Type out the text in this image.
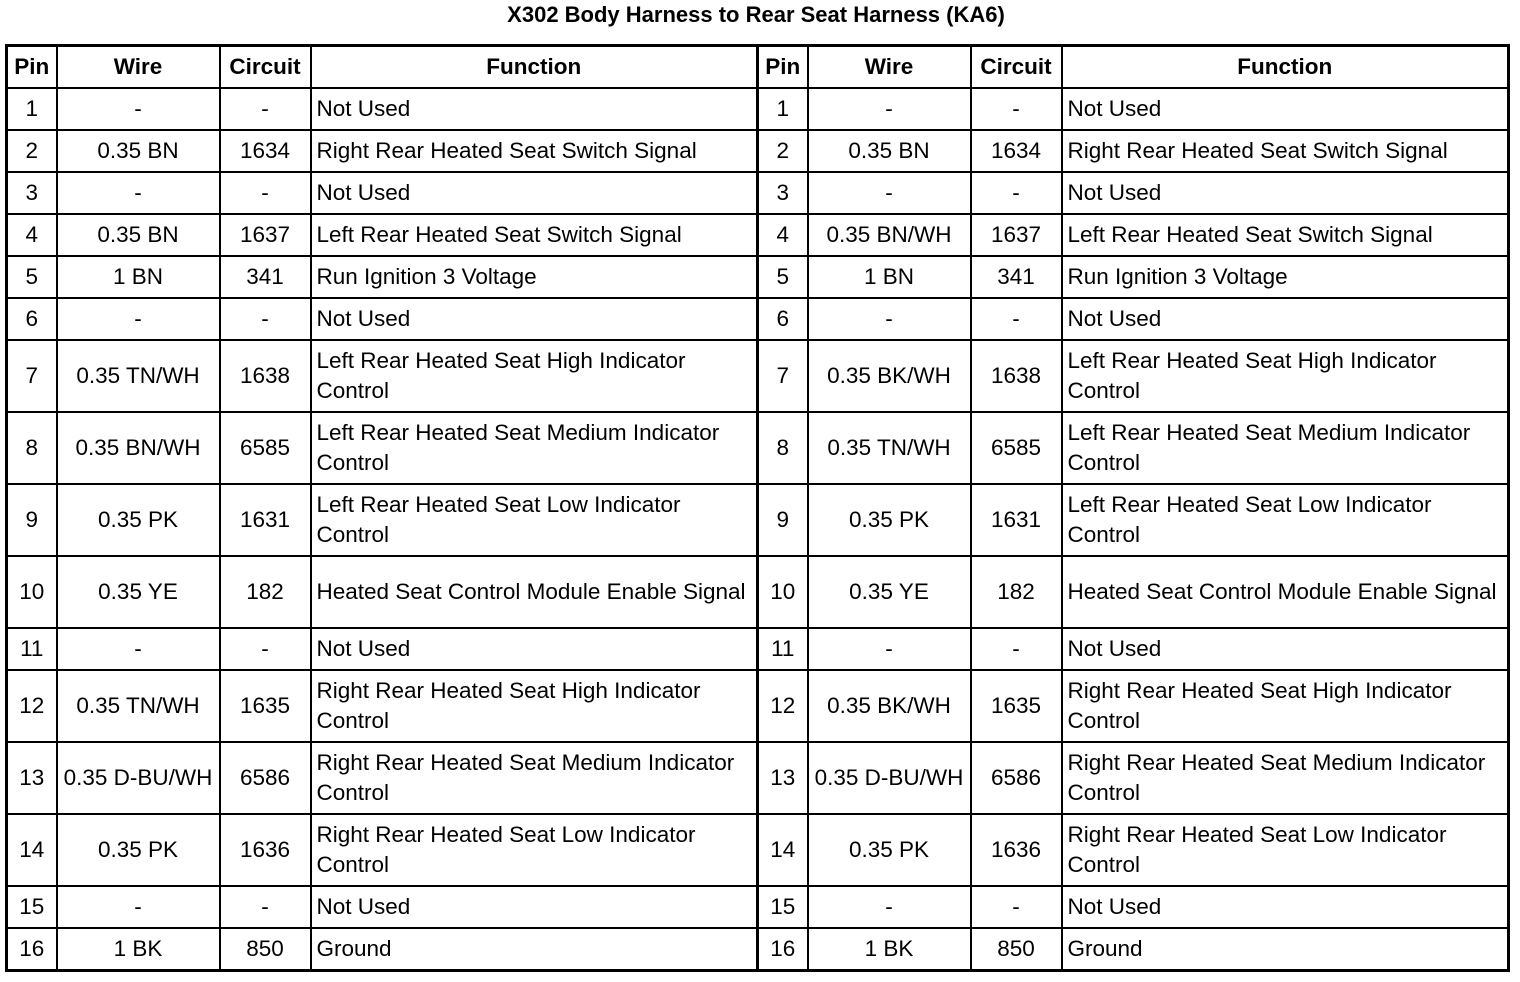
X302 Body Harness to Rear Seat Harness (KA6)
Pin	Wire	Circuit	Function	Pin	Wire	Circuit	Function
1	-	-	Not Used	1	-	-	Not Used
2	0.35 BN	1634	Right Rear Heated Seat Switch Signal	2	0.35 BN	1634	Right Rear Heated Seat Switch Signal
3	-	-	Not Used	3	-	-	Not Used
4	0.35 BN	1637	Left Rear Heated Seat Switch Signal	4	0.35 BN/WH	1637	Left Rear Heated Seat Switch Signal
5	1 BN	341	Run Ignition 3 Voltage	5	1 BN	341	Run Ignition 3 Voltage
6	-	-	Not Used	6	-	-	Not Used
7	0.35 TN/WH	1638	Left Rear Heated Seat High Indicator Control	7	0.35 BK/WH	1638	Left Rear Heated Seat High Indicator Control
8	0.35 BN/WH	6585	Left Rear Heated Seat Medium Indicator Control	8	0.35 TN/WH	6585	Left Rear Heated Seat Medium Indicator Control
9	0.35 PK	1631	Left Rear Heated Seat Low Indicator Control	9	0.35 PK	1631	Left Rear Heated Seat Low Indicator Control
10	0.35 YE	182	Heated Seat Control Module Enable Signal	10	0.35 YE	182	Heated Seat Control Module Enable Signal
11	-	-	Not Used	11	-	-	Not Used
12	0.35 TN/WH	1635	Right Rear Heated Seat High Indicator Control	12	0.35 BK/WH	1635	Right Rear Heated Seat High Indicator Control
13	0.35 D-BU/WH	6586	Right Rear Heated Seat Medium Indicator Control	13	0.35 D-BU/WH	6586	Right Rear Heated Seat Medium Indicator Control
14	0.35 PK	1636	Right Rear Heated Seat Low Indicator Control	14	0.35 PK	1636	Right Rear Heated Seat Low Indicator Control
15	-	-	Not Used	15	-	-	Not Used
16	1 BK	850	Ground	16	1 BK	850	Ground
